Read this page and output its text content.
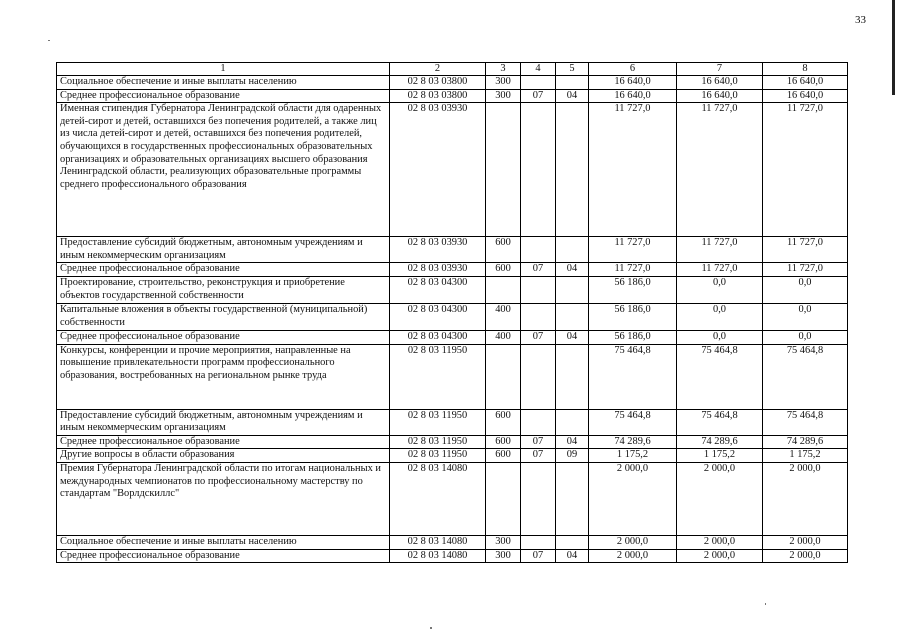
33
1	2	3	4	5	6	7	8
Социальное обеспечение и иные выплаты населению	02 8 03 03800	300			16 640,0	16 640,0	16 640,0
Среднее профессиональное образование	02 8 03 03800	300	07	04	16 640,0	16 640,0	16 640,0
Именная стипендия Губернатора Ленинградской области для одаренных детей-сирот и детей, оставшихся без попечения родителей, а также лиц из числа детей-сирот и детей, оставшихся без попечения родителей, обучающихся в государственных профессиональных образовательных организациях и образовательных организациях высшего образования Ленинградской области, реализующих образовательные программы среднего профессионального образования	02 8 03 03930				11 727,0	11 727,0	11 727,0
Предоставление субсидий бюджетным, автономным учреждениям и иным некоммерческим организациям	02 8 03 03930	600			11 727,0	11 727,0	11 727,0
Среднее профессиональное образование	02 8 03 03930	600	07	04	11 727,0	11 727,0	11 727,0
Проектирование, строительство, реконструкция и приобретение объектов государственной собственности	02 8 03 04300				56 186,0	0,0	0,0
Капитальные вложения в объекты государственной (муниципальной) собственности	02 8 03 04300	400			56 186,0	0,0	0,0
Среднее профессиональное образование	02 8 03 04300	400	07	04	56 186,0	0,0	0,0
Конкурсы, конференции и прочие мероприятия, направленные на повышение привлекательности программ профессионального образования, востребованных на региональном рынке труда	02 8 03 11950				75 464,8	75 464,8	75 464,8
Предоставление субсидий бюджетным, автономным учреждениям и иным некоммерческим организациям	02 8 03 11950	600			75 464,8	75 464,8	75 464,8
Среднее профессиональное образование	02 8 03 11950	600	07	04	74 289,6	74 289,6	74 289,6
Другие вопросы в области образования	02 8 03 11950	600	07	09	1 175,2	1 175,2	1 175,2
Премия Губернатора Ленинградской области по итогам национальных и международных чемпионатов по профессиональному мастерству по стандартам "Ворлдскиллс"	02 8 03 14080				2 000,0	2 000,0	2 000,0
Социальное обеспечение и иные выплаты населению	02 8 03 14080	300			2 000,0	2 000,0	2 000,0
Среднее профессиональное образование	02 8 03 14080	300	07	04	2 000,0	2 000,0	2 000,0
